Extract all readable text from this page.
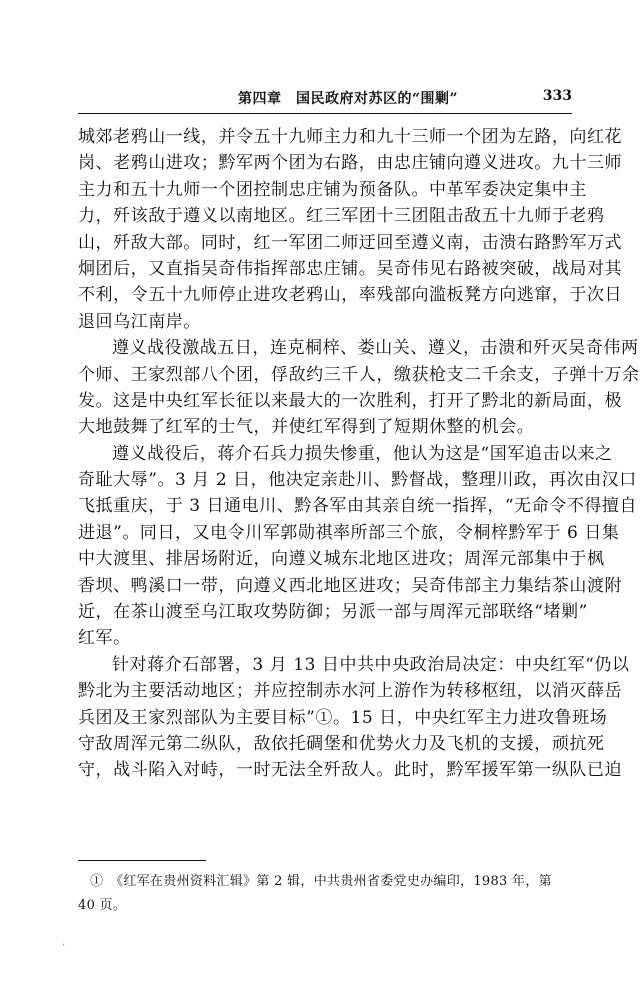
第四章　国民政府对苏区的“围剿”	333
城郊老鸦山一线，并令五十九师主力和九十三师一个团为左路，向红花
岗、老鸦山进攻；黔军两个团为右路，由忠庄铺向遵义进攻。九十三师
主力和五十九师一个团控制忠庄铺为预备队。中革军委决定集中主
力，歼该敌于遵义以南地区。红三军团十三团阻击敌五十九师于老鸦
山，歼敌大部。同时，红一军团二师迂回至遵义南，击溃右路黔军万式
炯团后，又直指吴奇伟指挥部忠庄铺。吴奇伟见右路被突破，战局对其
不利，令五十九师停止进攻老鸦山，率残部向滥板凳方向逃窜，于次日
退回乌江南岸。
遵义战役激战五日，连克桐梓、娄山关、遵义，击溃和歼灭吴奇伟两
个师、王家烈部八个团，俘敌约三千人，缴获枪支二千余支，子弹十万余
发。这是中央红军长征以来最大的一次胜利，打开了黔北的新局面，极
大地鼓舞了红军的士气，并使红军得到了短期休整的机会。
遵义战役后，蒋介石兵力损失惨重，他认为这是“国军追击以来之
奇耻大辱”。3 月 2 日，他决定亲赴川、黔督战，整理川政，再次由汉口
飞抵重庆，于 3 日通电川、黔各军由其亲自统一指挥，“无命令不得擅自
进退”。同日，又电令川军郭勋祺率所部三个旅，令桐梓黔军于 6 日集
中大渡里、排居场附近，向遵义城东北地区进攻；周浑元部集中于枫
香坝、鸭溪口一带，向遵义西北地区进攻；吴奇伟部主力集结茶山渡附
近，在茶山渡至乌江取攻势防御；另派一部与周浑元部联络“堵剿”
红军。
针对蒋介石部署，3 月 13 日中共中央政治局决定：中央红军“仍以
黔北为主要活动地区；并应控制赤水河上游作为转移枢纽，以消灭薛岳
兵团及王家烈部队为主要目标”①。15 日，中央红军主力进攻鲁班场
守敌周浑元第二纵队，敌依托碉堡和优势火力及飞机的支援，顽抗死
守，战斗陷入对峙，一时无法全歼敌人。此时，黔军援军第一纵队已迫
①　《红军在贵州资料汇辑》第 2 辑，中共贵州省委党史办编印，1983 年，第
40 页。
·
